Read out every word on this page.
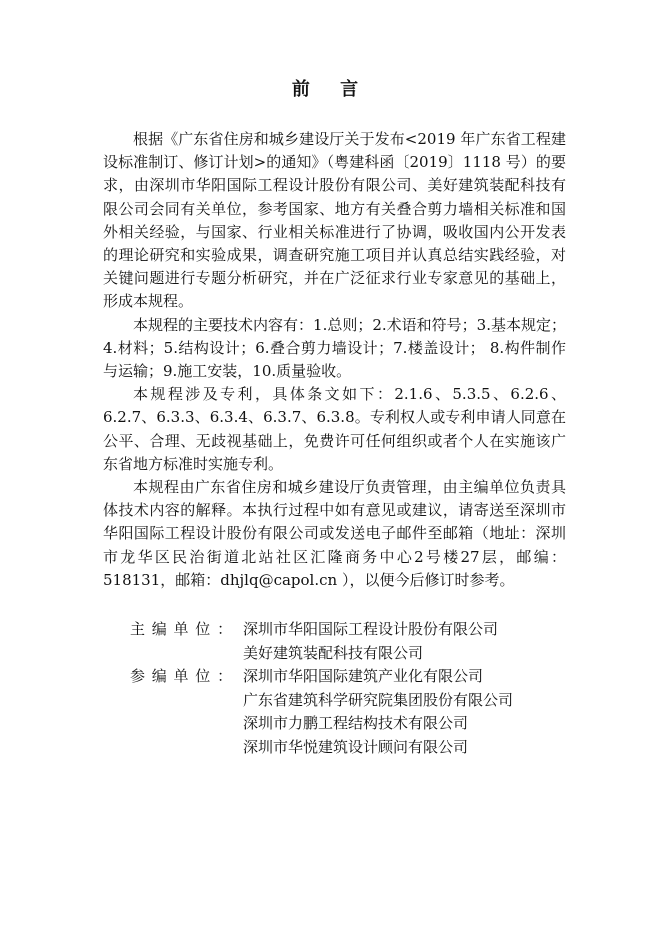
前 言

根据《广东省住房和城乡建设厅关于发布<2019 年广东省工程建设标准制订、修订计划>的通知》（粤建科函〔2019〕1118 号）的要求，由深圳市华阳国际工程设计股份有限公司、美好建筑装配科技有限公司会同有关单位，参考国家、地方有关叠合剪力墙相关标准和国外相关经验，与国家、行业相关标准进行了协调，吸收国内公开发表的理论研究和实验成果，调查研究施工项目并认真总结实践经验，对关键问题进行专题分析研究，并在广泛征求行业专家意见的基础上，形成本规程。

本规程的主要技术内容有：1.总则；2.术语和符号；3.基本规定；4.材料；5.结构设计；6.叠合剪力墙设计；7.楼盖设计； 8.构件制作与运输；9.施工安装，10.质量验收。

本规程涉及专利，具体条文如下：2.1.6、5.3.5、6.2.6、6.2.7、6.3.3、6.3.4、6.3.7、6.3.8。专利权人或专利申请人同意在公平、合理、无歧视基础上，免费许可任何组织或者个人在实施该广东省地方标准时实施专利。

本规程由广东省住房和城乡建设厅负责管理，由主编单位负责具体技术内容的解释。本执行过程中如有意见或建议，请寄送至深圳市华阳国际工程设计股份有限公司或发送电子邮件至邮箱（地址：深圳市龙华区民治街道北站社区汇隆商务中心2号楼27层，邮编：518131，邮箱：dhjlq@capol.cn ），以便今后修订时参考。

主 编 单 位 ： 深圳市华阳国际工程设计股份有限公司
美好建筑装配科技有限公司
参 编 单 位 ： 深圳市华阳国际建筑产业化有限公司
广东省建筑科学研究院集团股份有限公司
深圳市力鹏工程结构技术有限公司
深圳市华悦建筑设计顾问有限公司
